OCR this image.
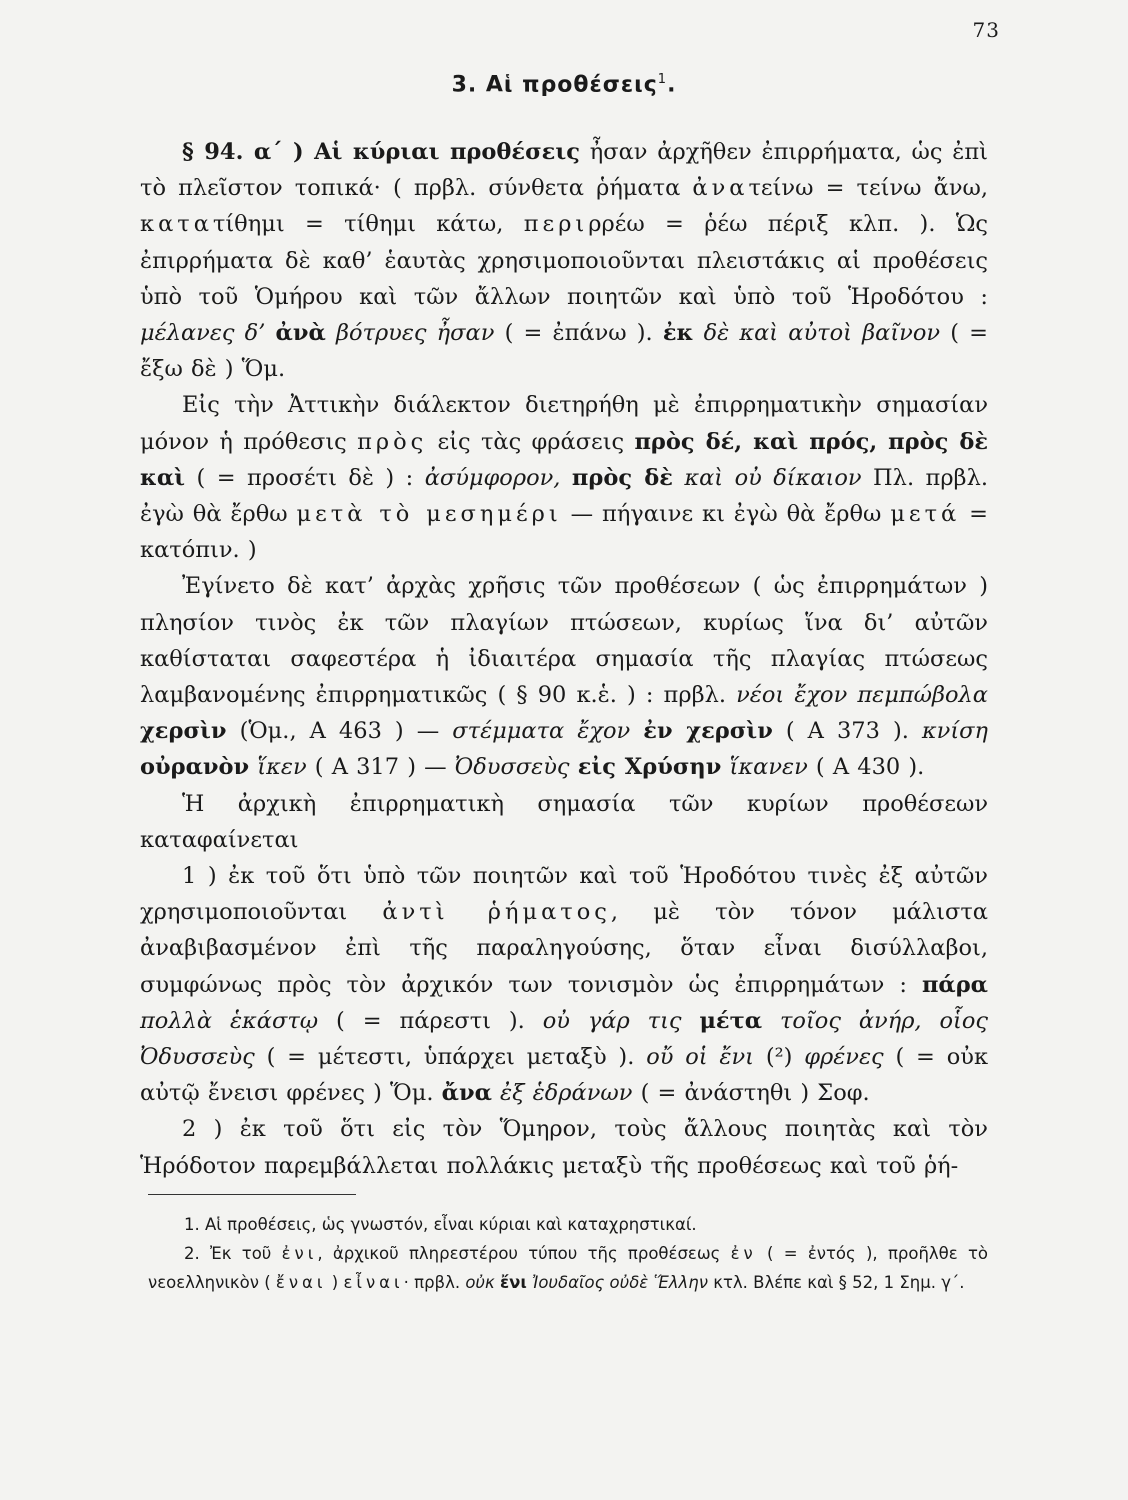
73
3. Αἱ προθέσεις$^1$.

§ 94. α΄ ) Αἱ κύριαι προθέσεις ἦσαν ἀρχῆθεν ἐπιρρήματα, ὡς ἐπὶ τὸ πλεῖστον τοπικά· ( πρβλ. σύνθετα ῥήματα ἀνατείνω = τείνω ἄνω, κατατίθημι = τίθημι κάτω, περιρρέω = ῥέω πέριξ κλπ. ). Ὡς ἐπιρρήματα δὲ καθ’ ἑαυτὰς χρησιμοποιοῦνται πλειστάκις αἱ προθέσεις ὑπὸ τοῦ Ὁμήρου καὶ τῶν ἄλλων ποιητῶν καὶ ὑπὸ τοῦ Ἡροδότου : μέλανες δ’ ἀνὰ βότρυες ἦσαν ( = ἐπάνω ). ἐκ δὲ καὶ αὐτοὶ βαῖνον ( = ἔξω δὲ ) Ὅμ.

Εἰς τὴν Ἀττικὴν διάλεκτον διετηρήθη μὲ ἐπιρρηματικὴν σημασίαν μόνον ἡ πρόθεσις πρὸς εἰς τὰς φράσεις πρὸς δέ, καὶ πρός, πρὸς δὲ καὶ ( = προσέτι δὲ ) : ἀσύμφορον, πρὸς δὲ καὶ οὐ δίκαιον Πλ. πρβλ. ἐγὼ θὰ ἔρθω μετὰ τὸ μεσημέρι — πήγαινε κι ἐγὼ θὰ ἔρθω μετά = κατόπιν. )

Ἐγίνετο δὲ κατ’ ἀρχὰς χρῆσις τῶν προθέσεων ( ὡς ἐπιρρημάτων ) πλησίον τινὸς ἐκ τῶν πλαγίων πτώσεων, κυρίως ἵνα δι’ αὐτῶν καθίσταται σαφεστέρα ἡ ἰδιαιτέρα σημασία τῆς πλαγίας πτώσεως λαμβανομένης ἐπιρρηματικῶς ( § 90 κ.ἑ. ) : πρβλ. νέοι ἔχον πεμπώβολα χερσὶν (Ὁμ., Α 463 ) — στέμματα ἔχον ἐν χερσὶν ( Α 373 ). κνίση οὐρανὸν ἵκεν ( Α 317 ) — Ὀδυσσεὺς εἰς Χρύσην ἵκανεν ( Α 430 ).

Ἡ ἀρχικὴ ἐπιρρηματικὴ σημασία τῶν κυρίων προθέσεων καταφαίνεται

1 ) ἐκ τοῦ ὅτι ὑπὸ τῶν ποιητῶν καὶ τοῦ Ἡροδότου τινὲς ἐξ αὐτῶν χρησιμοποιοῦνται ἀντὶ ῥήματος, μὲ τὸν τόνον μάλιστα ἀναβιβασμένον ἐπὶ τῆς παραληγούσης, ὅταν εἶναι δισύλλαβοι, συμφώνως πρὸς τὸν ἀρχικόν των τονισμὸν ὡς ἐπιρρημάτων : πάρα πολλὰ ἑκάστῳ ( = πάρεστι ). οὐ γάρ τις μέτα τοῖος ἀνήρ, οἷος Ὀδυσσεὺς ( = μέτεστι, ὑπάρχει μεταξὺ ). οὔ οἱ ἔνι (²) φρένες ( = οὐκ αὐτῷ ἔνεισι φρένες ) Ὅμ. ἄνα ἐξ ἑδράνων ( = ἀνάστηθι ) Σοφ.

2 ) ἐκ τοῦ ὅτι εἰς τὸν Ὅμηρον, τοὺς ἄλλους ποιητὰς καὶ τὸν Ἡρόδοτον παρεμβάλλεται πολλάκις μεταξὺ τῆς προθέσεως καὶ τοῦ ῥή-

1. Αἱ προθέσεις, ὡς γνωστόν, εἶναι κύριαι καὶ καταχρηστικαί.

2. Ἐκ τοῦ ἐνι, ἀρχικοῦ πληρεστέρου τύπου τῆς προθέσεως ἐν ( = ἐντός ), προῆλθε τὸ νεοελληνικὸν ( ἔναι ) εἶναι· πρβλ. οὐκ ἔνι Ἰουδαῖος οὐδὲ Ἕλλην κτλ. Βλέπε καὶ § 52, 1 Σημ. γ΄.
